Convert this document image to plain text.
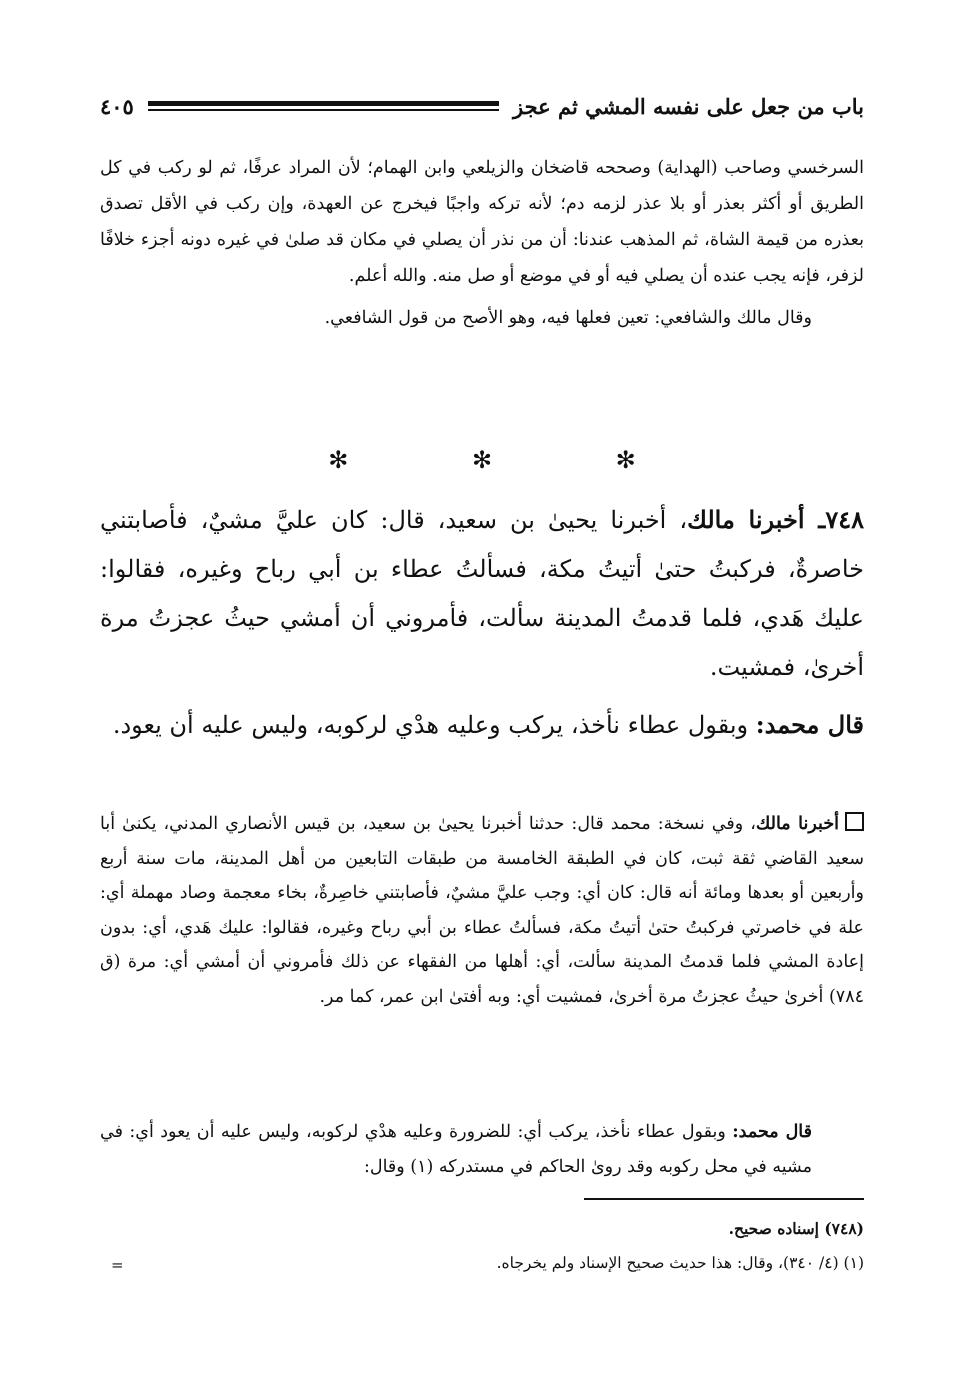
باب من جعل على نفسه المشي ثم عجز
٤٠٥
السرخسي وصاحب (الهداية) وصححه قاضخان والزيلعي وابن الهمام؛ لأن المراد عرفًا، ثم لو ركب في كل الطريق أو أكثر بعذر أو بلا عذر لزمه دم؛ لأنه تركه واجبًا فيخرج عن العهدة، وإن ركب في الأقل تصدق بعذره من قيمة الشاة، ثم المذهب عندنا: أن من نذر أن يصلي في مكان قد صلىٰ في غيره دونه أجزء خلافًا لزفر، فإنه يجب عنده أن يصلي فيه أو في موضع أو صل منه. والله أعلم.
وقال مالك والشافعي: تعين فعلها فيه، وهو الأصح من قول الشافعي.
✻ ✻ ✻
٧٤٨ـ أخبرنا مالك، أخبرنا يحيىٰ بن سعيد، قال: كان عليَّ مشيٌ، فأصابتني خاصرةٌ، فركبتُ حتىٰ أتيتُ مكة، فسألتُ عطاء بن أبي رباح وغيره، فقالوا: عليك هَدي، فلما قدمتُ المدينة سألت، فأمروني أن أمشي حيثُ عجزتُ مرة أخرىٰ، فمشيت.
قال محمد: وبقول عطاء نأخذ، يركب وعليه هدْي لركوبه، وليس عليه أن يعود.
أخبرنا مالك، وفي نسخة: محمد قال: حدثنا أخبرنا يحيىٰ بن سعيد، بن قيس الأنصاري المدني، يكنىٰ أبا سعيد القاضي ثقة ثبت، كان في الطبقة الخامسة من طبقات التابعين من أهل المدينة، مات سنة أربع وأربعين أو بعدها ومائة أنه قال: كان أي: وجب عليَّ مشيٌ، فأصابتني خاصِرةٌ، بخاء معجمة وصاد مهملة أي: علة في خاصرتي فركبتُ حتىٰ أتيتُ مكة، فسألتُ عطاء بن أبي رباح وغيره، فقالوا: عليك هَدي، أي: بدون إعادة المشي فلما قدمتُ المدينة سألت، أي: أهلها من الفقهاء عن ذلك فأمروني أن أمشي أي: مرة (ق ٧٨٤) أخرىٰ حيثُ عجزتُ مرة أخرىٰ، فمشيت أي: وبه أفتىٰ ابن عمر، كما مر.
قال محمد: وبقول عطاء نأخذ، يركب أي: للضرورة وعليه هدْي لركوبه، وليس عليه أن يعود أي: في مشيه في محل ركوبه وقد روىٰ الحاكم في مستدركه (١) وقال:
(٧٤٨) إسناده صحيح.
(١) (٤/ ٣٤٠)، وقال: هذا حديث صحيح الإسناد ولم يخرجاه.
=
